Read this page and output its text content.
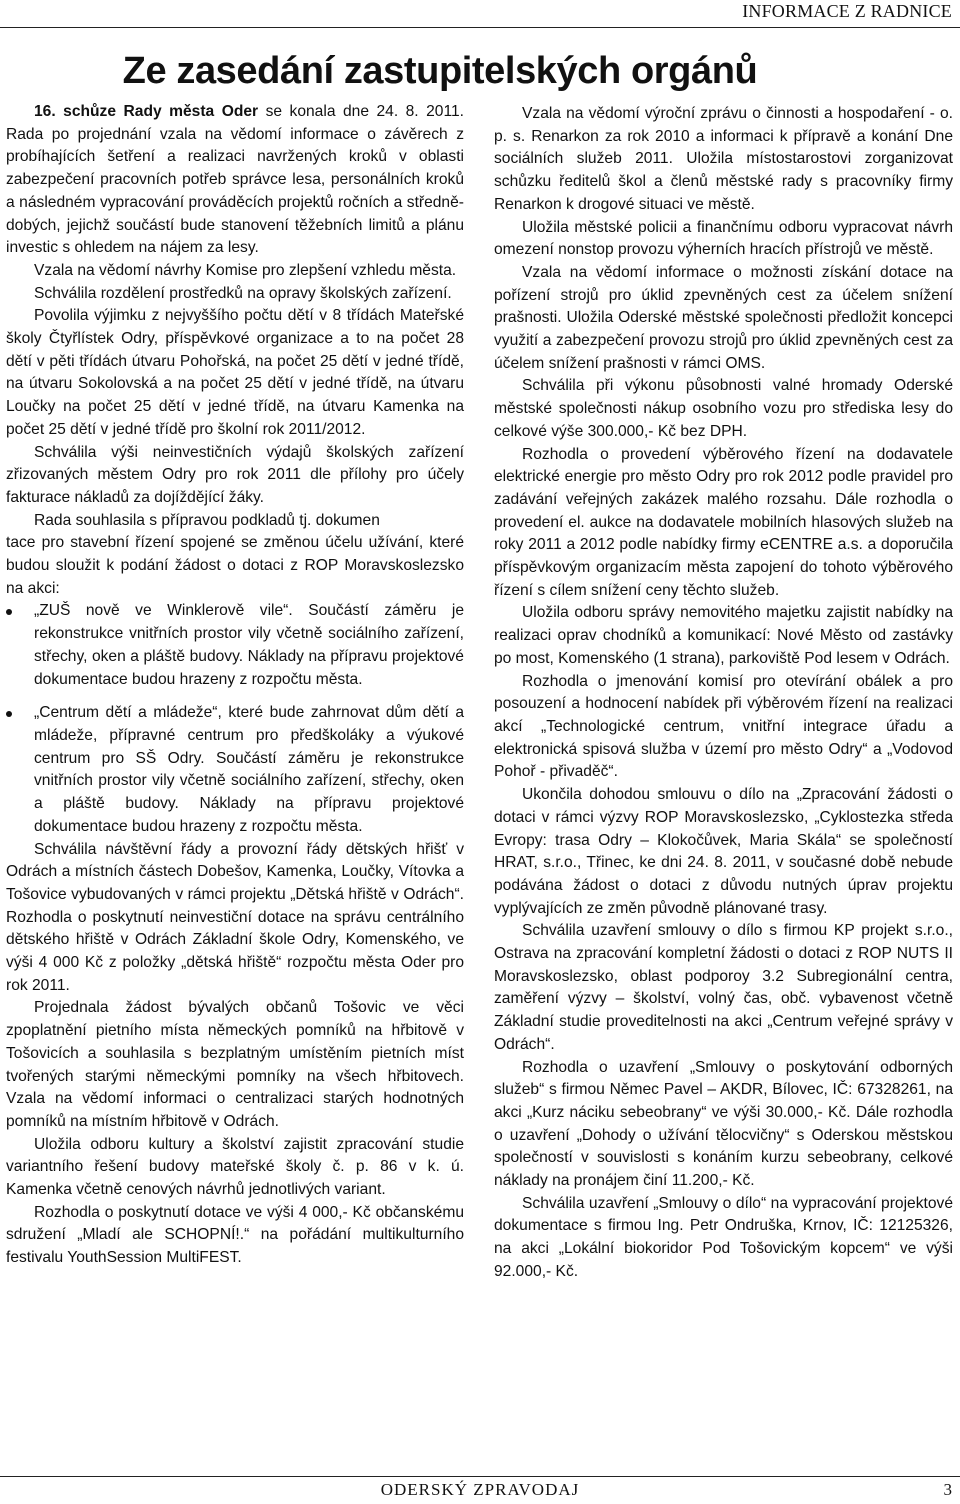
INFORMACE Z RADNICE
Ze zasedání zastupitelských orgánů

16. schůze Rady města Oder se konala dne 24. 8. 2011. Rada po projednání vzala na vědomí informace o závěrech z probíhajících šetření a realizaci navržených kroků v oblasti zabezpečení pracovních potřeb správce lesa, personálních kroků a následném vypracování prováděcích projektů ročních a střednědobých, jejichž součástí bude stanovení těžebních limitů a plánu investic s ohledem na nájem za lesy.

Vzala na vědomí návrhy Komise pro zlepšení vzhledu města.

Schválila rozdělení prostředků na opravy školských zařízení.

Povolila výjimku z nejvyššího počtu dětí v 8 třídách Mateřské školy Čtyřlístek Odry, příspěvkové organizace a to na počet 28 dětí v pěti třídách útvaru Pohořská, na počet 25 dětí v jedné třídě, na útvaru Sokolovská a na počet 25 dětí v jedné třídě, na útvaru Loučky na počet 25 dětí v jedné třídě, na útvaru Kamenka na počet 25 dětí v jedné třídě pro školní rok 2011/2012.

Schválila výši neinvestičních výdajů školských zařízení zřizovaných městem Odry pro rok 2011 dle přílohy pro účely fakturace nákladů za dojíždějící žáky.

Rada souhlasila s přípravou podkladů tj. dokumen

tace pro stavební řízení spojené se změnou účelu užívání, které budou sloužit k podání žádost o dotaci z ROP Moravskoslezsko na akci:

„ZUŠ nově ve Winklerově vile“. Součástí záměru je rekonstrukce vnitřních prostor vily včetně sociálního zařízení, střechy, oken a pláště budovy. Náklady na přípravu projektové dokumentace budou hrazeny z rozpočtu města.
„Centrum dětí a mládeže“, které bude zahrnovat dům dětí a mládeže, přípravné centrum pro předškoláky a výukové centrum pro SŠ Odry. Součástí záměru je rekonstrukce vnitřních prostor vily včetně sociálního zařízení, střechy, oken a pláště budovy. Náklady na přípravu projektové dokumentace budou hrazeny z rozpočtu města.

Schválila návštěvní řády a provozní řády dětských hřišť v Odrách a místních částech Dobešov, Kamenka, Loučky, Vítovka a Tošovice vybudovaných v rámci projektu „Dětská hřiště v Odrách“. Rozhodla o poskytnutí neinvestiční dotace na správu centrálního dětského hřiště v Odrách Základní škole Odry, Komenského, ve výši 4 000 Kč z položky „dětská hřiště“ rozpočtu města Oder pro rok 2011.

Projednala žádost bývalých občanů Tošovic ve věci zpoplatnění pietního místa německých pomníků na hřbitově v Tošovicích a souhlasila s bezplatným umístěním pietních míst tvořených starými německými pomníky na všech hřbitovech. Vzala na vědomí informaci o centralizaci starých hodnotných pomníků na místním hřbitově v Odrách.

Uložila odboru kultury a školství zajistit zpracování studie variantního řešení budovy mateřské školy č. p. 86 v k. ú. Kamenka včetně cenových návrhů jednotlivých variant.

Rozhodla o poskytnutí dotace ve výši 4 000,- Kč občanskému sdružení „Mladí ale SCHOPNÍ!.“ na pořádání multikulturního festivalu YouthSession MultiFEST.

Vzala na vědomí výroční zprávu o činnosti a hospodaření - o. p. s. Renarkon za rok 2010 a informaci k přípravě a konání Dne sociálních služeb 2011. Uložila místostarostovi zorganizovat schůzku ředitelů škol a členů městské rady s pracovníky firmy Renarkon k drogové situaci ve městě.

Uložila městské policii a finančnímu odboru vypracovat návrh omezení nonstop provozu výherních hracích přístrojů ve městě.

Vzala na vědomí informace o možnosti získání dotace na pořízení strojů pro úklid zpevněných cest za účelem snížení prašnosti. Uložila Oderské městské společnosti předložit koncepci využití a zabezpečení provozu strojů pro úklid zpevněných cest za účelem snížení prašnosti v rámci OMS.

Schválila při výkonu působnosti valné hromady Oderské městské společnosti nákup osobního vozu pro střediska lesy do celkové výše 300.000,- Kč bez DPH.

Rozhodla o provedení výběrového řízení na dodavatele elektrické energie pro město Odry pro rok 2012 podle pravidel pro zadávání veřejných zakázek malého rozsahu. Dále rozhodla o provedení el. aukce na dodavatele mobilních hlasových služeb na roky 2011 a 2012 podle nabídky firmy eCENTRE a.s. a doporučila příspěvkovým organizacím města zapojení do tohoto výběrového řízení s cílem snížení ceny těchto služeb.

Uložila odboru správy nemovitého majetku zajistit nabídky na realizaci oprav chodníků a komunikací: Nové Město od zastávky po most, Komenského (1 strana), parkoviště Pod lesem v Odrách.

Rozhodla o jmenování komisí pro otevírání obálek a pro posouzení a hodnocení nabídek při výběrovém řízení na realizaci akcí „Technologické centrum, vnitřní integrace úřadu a elektronická spisová služba v území pro město Odry“ a „Vodovod Pohoř - přivaděč“.

Ukončila dohodou smlouvu o dílo na „Zpracování žádosti o dotaci v rámci výzvy ROP Moravskoslezsko, „Cyklostezka středa Evropy: trasa Odry – Klokočůvek, Maria Skála“ se společností HRAT, s.r.o., Třinec, ke dni 24. 8. 2011, v současné době nebude podávána žádost o dotaci z důvodu nutných úprav projektu vyplývajících ze změn původně plánované trasy.

Schválila uzavření smlouvy o dílo s firmou KP projekt s.r.o., Ostrava na zpracování kompletní žádosti o dotaci z ROP NUTS II Moravskoslezsko, oblast podporoy 3.2 Subregionální centra, zaměření výzvy – školství, volný čas, obč. vybavenost včetně Základní studie proveditelnosti na akci „Centrum veřejné správy v Odrách“.

Rozhodla o uzavření „Smlouvy o poskytování odborných služeb“ s firmou Němec Pavel – AKDR, Bílovec, IČ: 67328261, na akci „Kurz náciku sebeobrany“ ve výši 30.000,- Kč. Dále rozhodla o uzavření „Dohody o užívání tělocvičny“ s Oderskou městskou společností v souvislosti s konáním kurzu sebeobrany, celkové náklady na pronájem činí 11.200,- Kč.

Schválila uzavření „Smlouvy o dílo“ na vypracování projektové dokumentace s firmou Ing. Petr Ondruška, Krnov, IČ: 12125326, na akci „Lokální biokoridor Pod Tošovickým kopcem“ ve výši 92.000,- Kč.

ODERSKÝ ZPRAVODAJ	3
